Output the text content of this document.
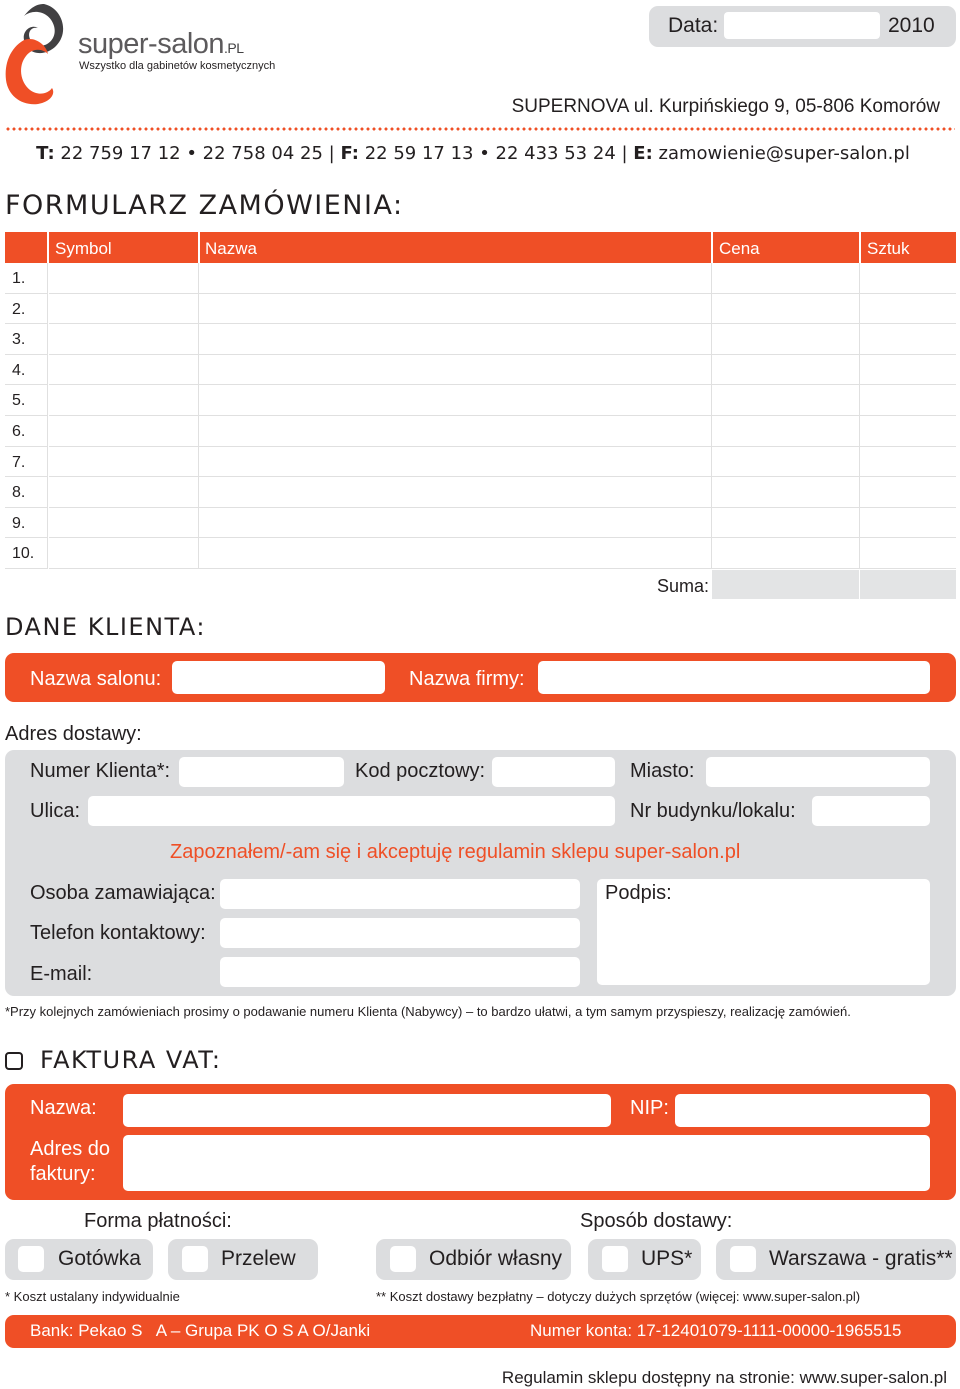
super-salon.PL
Wszystko dla gabinetów kosmetycznych
Data:	2010
SUPERNOVA ul. Kurpińskiego 9, 05-806 Komorów
T: 22 759 17 12 • 22 758 04 25 | F: 22 59 17 13 • 22 433 53 24 | E: zamowienie@super-salon.pl
FORMULARZ ZAMÓWIENIA:
Symbol	Nazwa	Cena	Sztuk
1.
2.
3.
4.
5.
6.
7.
8.
9.
10.
Suma:
DANE KLIENTA:
Nazwa salonu:	Nazwa firmy:
Adres dostawy:
Numer Klienta*:	Kod pocztowy:	Miasto:
Ulica:	Nr budynku/lokalu:
Zapoznałem/-am się i akceptuję regulamin sklepu super-salon.pl
Osoba zamawiająca:
Telefon kontaktowy:
E-mail:
Podpis:
*Przy kolejnych zamówieniach prosimy o podawanie numeru Klienta (Nabywcy) – to bardzo ułatwi, a tym samym przyspieszy, realizację zamówień.
FAKTURA VAT:
Nazwa:	NIP:
Adres do
faktury:
Forma płatności:	Sposób dostawy:
Gotówka	Przelew	Odbiór własny	UPS*	Warszawa - gratis**
* Koszt ustalany indywidualnie	** Koszt dostawy bezpłatny – dotyczy dużych sprzętów (więcej: www.super-salon.pl)
Bank: Pekao S   A – Grupa PK O S A O/Janki	Numer konta: 17-12401079-1111-00000-1965515
Regulamin sklepu dostępny na stronie: www.super-salon.pl
